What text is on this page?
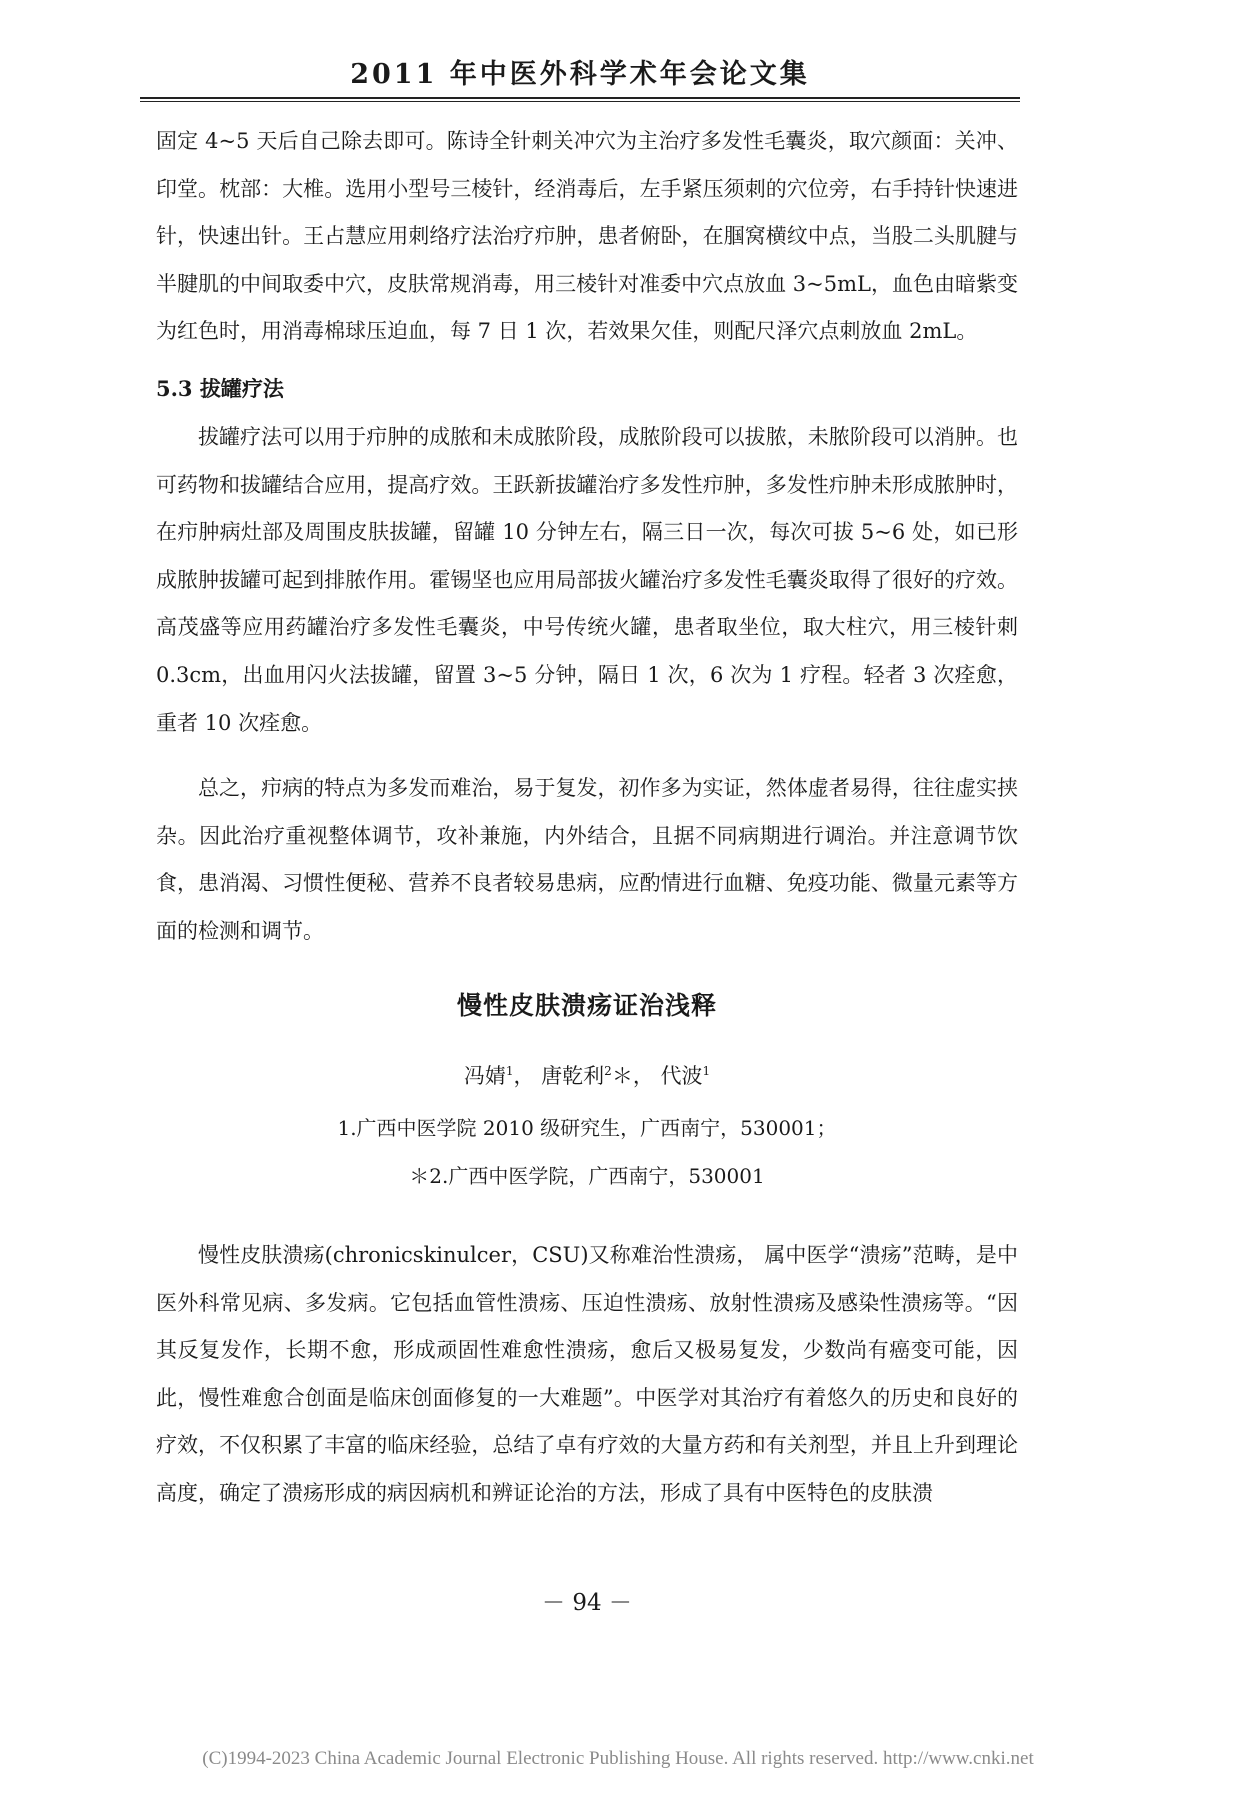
2011 年中医外科学术年会论文集

固定 4~5 天后自己除去即可。陈诗全针刺关冲穴为主治疗多发性毛囊炎，取穴颜面：关冲、印堂。枕部：大椎。选用小型号三棱针，经消毒后，左手紧压须刺的穴位旁，右手持针快速进针，快速出针。王占慧应用刺络疗法治疗疖肿，患者俯卧，在腘窝横纹中点，当股二头肌腱与半腱肌的中间取委中穴，皮肤常规消毒，用三棱针对准委中穴点放血 3~5mL，血色由暗紫变为红色时，用消毒棉球压迫血，每 7 日 1 次，若效果欠佳，则配尺泽穴点刺放血 2mL。

5.3 拔罐疗法

拔罐疗法可以用于疖肿的成脓和未成脓阶段，成脓阶段可以拔脓，未脓阶段可以消肿。也可药物和拔罐结合应用，提高疗效。王跃新拔罐治疗多发性疖肿，多发性疖肿未形成脓肿时，在疖肿病灶部及周围皮肤拔罐，留罐 10 分钟左右，隔三日一次，每次可拔 5~6 处，如已形成脓肿拔罐可起到排脓作用。霍锡坚也应用局部拔火罐治疗多发性毛囊炎取得了很好的疗效。高茂盛等应用药罐治疗多发性毛囊炎，中号传统火罐，患者取坐位，取大柱穴，用三棱针刺 0.3cm，出血用闪火法拔罐，留置 3~5 分钟，隔日 1 次，6 次为 1 疗程。轻者 3 次痊愈，重者 10 次痊愈。

总之，疖病的特点为多发而难治，易于复发，初作多为实证，然体虚者易得，往往虚实挟杂。因此治疗重视整体调节，攻补兼施，内外结合，且据不同病期进行调治。并注意调节饮食，患消渴、习惯性便秘、营养不良者较易患病，应酌情进行血糖、免疫功能、微量元素等方面的检测和调节。

慢性皮肤溃疡证治浅释
冯婧$^1$， 唐乾利$^2$＊， 代波$^1$
1.广西中医学院 2010 级研究生，广西南宁，530001；
＊2.广西中医学院，广西南宁，530001

慢性皮肤溃疡(chronicskinulcer，CSU)又称难治性溃疡， 属中医学“溃疡”范畴，是中医外科常见病、多发病。它包括血管性溃疡、压迫性溃疡、放射性溃疡及感染性溃疡等。“因其反复发作，长期不愈，形成顽固性难愈性溃疡，愈后又极易复发，少数尚有癌变可能，因此，慢性难愈合创面是临床创面修复的一大难题”。中医学对其治疗有着悠久的历史和良好的疗效，不仅积累了丰富的临床经验，总结了卓有疗效的大量方药和有关剂型，并且上升到理论高度，确定了溃疡形成的病因病机和辨证论治的方法，形成了具有中医特色的皮肤溃

－ 94 －
(C)1994-2023 China Academic Journal Electronic Publishing House. All rights reserved. http://www.cnki.net
